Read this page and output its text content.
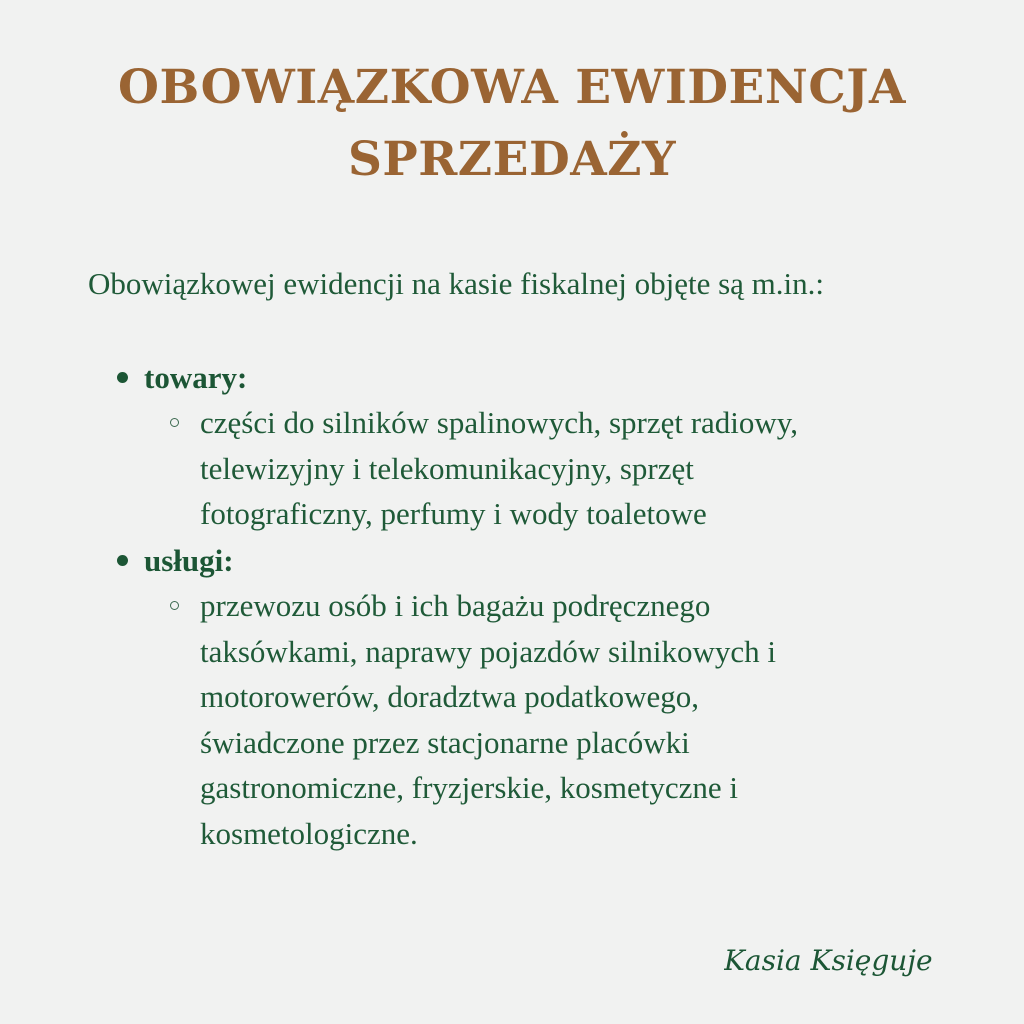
OBOWIĄZKOWA EWIDENCJA
SPRZEDAŻY

Obowiązkowej ewidencji na kasie fiskalnej objęte są m.in.:

towary:
części do silników spalinowych, sprzęt radiowy,
telewizyjny i telekomunikacyjny, sprzęt
fotograficzny, perfumy i wody toaletowe
usługi:
przewozu osób i ich bagażu podręcznego
taksówkami, naprawy pojazdów silnikowych i
motorowerów, doradztwa podatkowego,
świadczone przez stacjonarne placówki
gastronomiczne, fryzjerskie, kosmetyczne i
kosmetologiczne.
Kasia Księguje
